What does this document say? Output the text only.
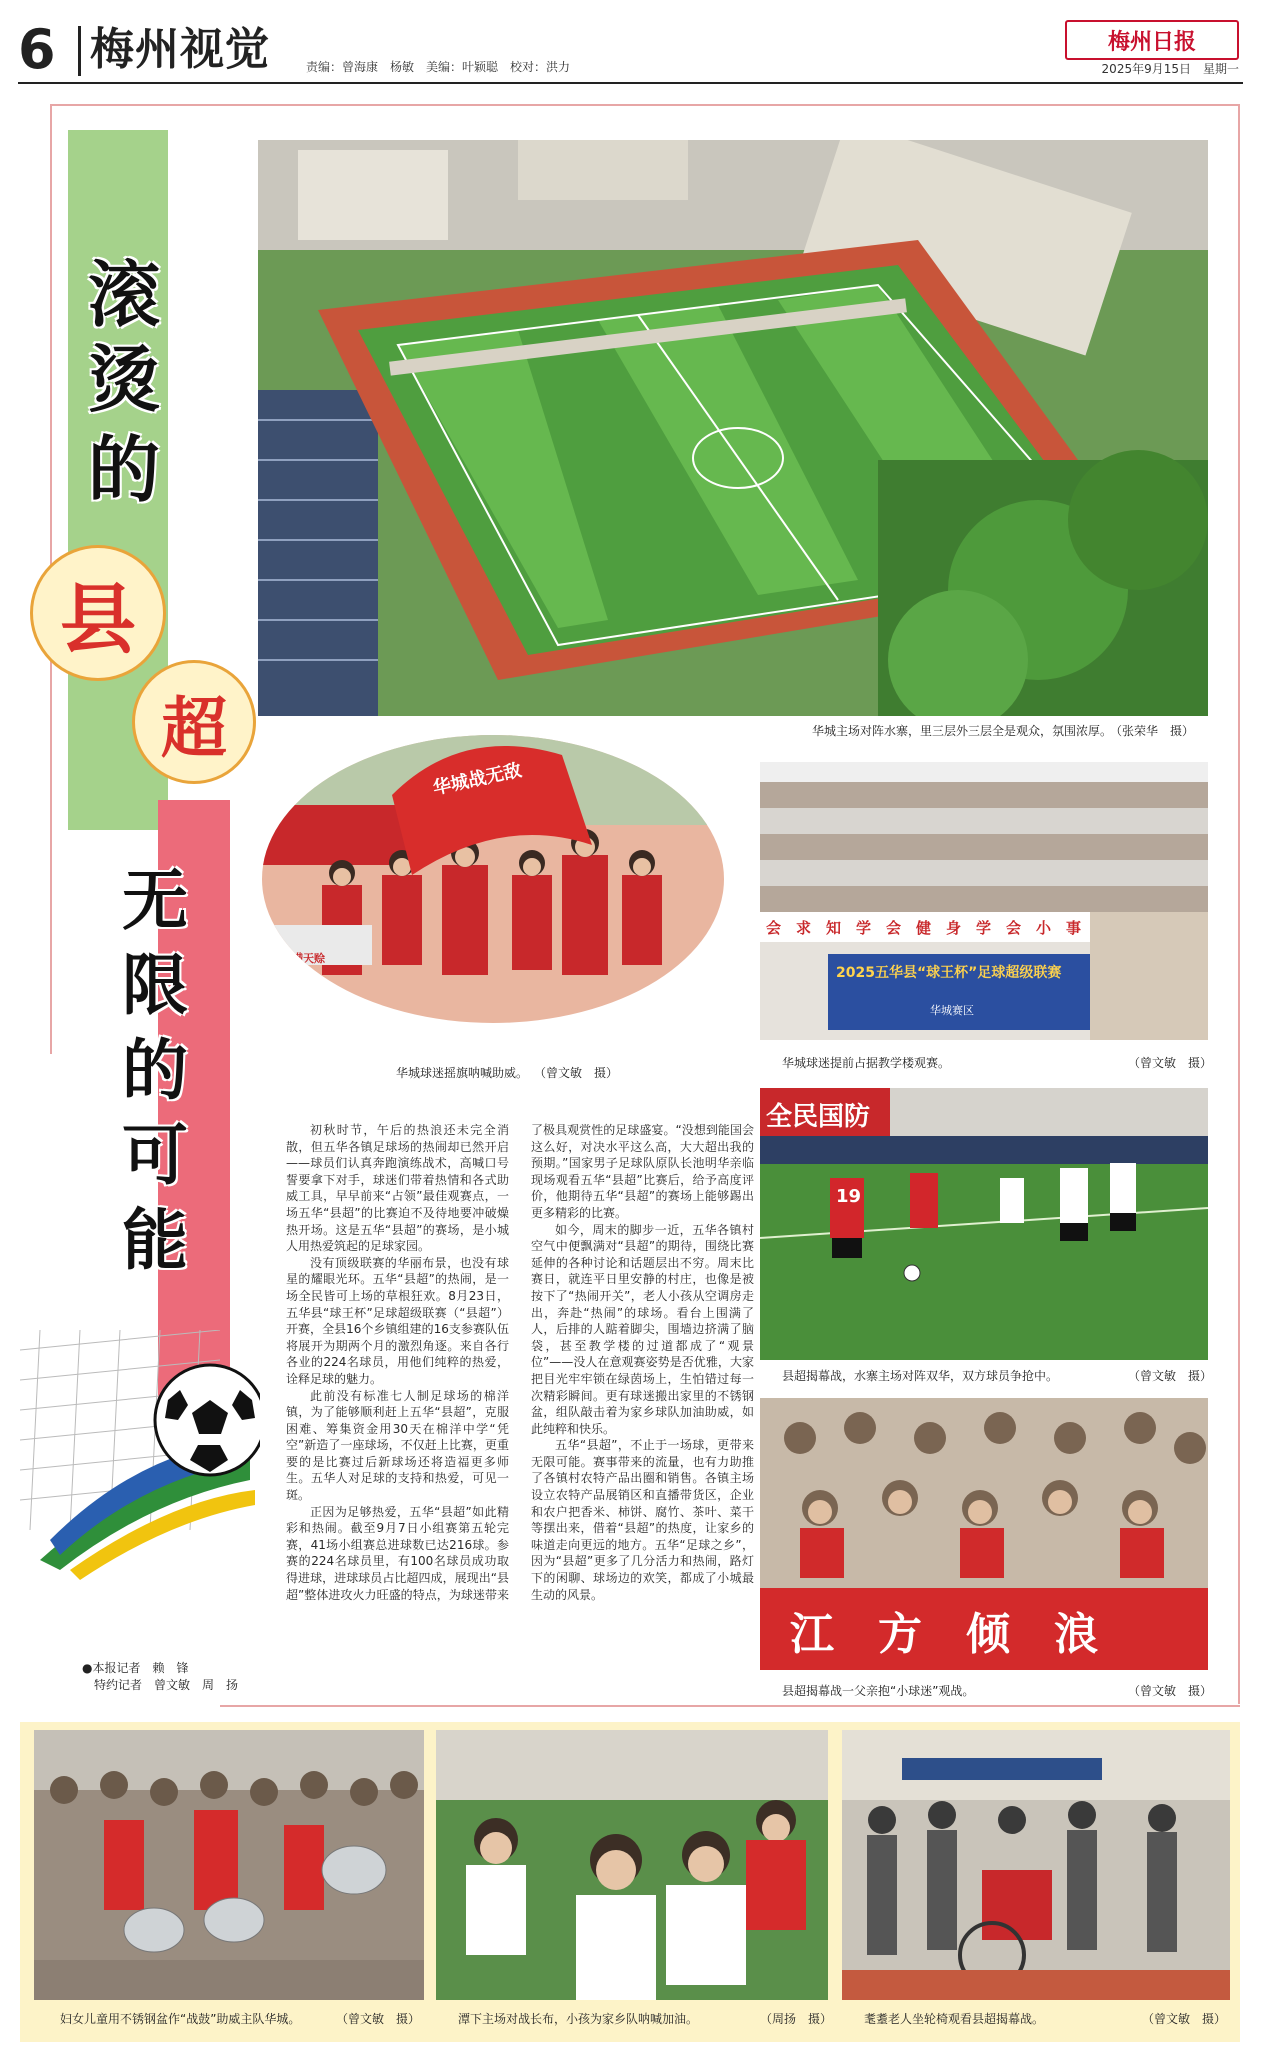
6 梅州视觉	责编：曾海康　杨敏　美编：叶颖聪　校对：洪力
梅州日报
2025年9月15日　星期一
滚
烫
的
县
超
无
限
的
可
能
华城主场对阵水寨，里三层外三层全是观众，氛围浓厚。
（张荣华　摄）
华城战无敌
赤壶满天赊
华城球迷摇旗呐喊助威。 （曾文敏　摄）
会　求　知　学　会　健　身　学　会　小　事
2025五华县“球王杯”足球超级联赛
华城赛区
华城球迷提前占据教学楼观赛。	（曾文敏　摄）
全民国防
19
县超揭幕战，水寨主场对阵双华，双方球员争抢中。	（曾文敏　摄）
江　方　倾　浪
县超揭幕战一父亲抱“小球迷”观战。	（曾文敏　摄）

初秋时节，午后的热浪还未完全消散，但五华各镇足球场的热闹却已然开启——球员们认真奔跑演练战术，高喊口号誓要拿下对手，球迷们带着热情和各式助威工具，早早前来“占领”最佳观赛点，一场五华“县超”的比赛迫不及待地要冲破燥热开场。这是五华“县超”的赛场，是小城人用热爱筑起的足球家园。

没有顶级联赛的华丽布景，也没有球星的耀眼光环。五华“县超”的热闹，是一场全民皆可上场的草根狂欢。8月23日，五华县“球王杯”足球超级联赛（“县超”）开赛，全县16个乡镇组建的16支参赛队伍将展开为期两个月的激烈角逐。来自各行各业的224名球员，用他们纯粹的热爱，诠释足球的魅力。

此前没有标准七人制足球场的棉洋镇，为了能够顺利赶上五华“县超”，克服困难、筹集资金用30天在棉洋中学“凭空”新造了一座球场，不仅赶上比赛，更重要的是比赛过后新球场还将造福更多师生。五华人对足球的支持和热爱，可见一斑。

正因为足够热爱，五华“县超”如此精彩和热闹。截至9月7日小组赛第五轮完赛，41场小组赛总进球数已达216球。参赛的224名球员里，有100名球员成功取得进球，进球球员占比超四成，展现出“县超”整体进攻火力旺盛的特点，为球迷带来了极具观赏性的足球盛宴。“没想到能国会这么好，对决水平这么高，大大超出我的预期。”国家男子足球队原队长池明华亲临现场观看五华“县超”比赛后，给予高度评价，他期待五华“县超”的赛场上能够踢出更多精彩的比赛。

如今，周末的脚步一近，五华各镇村空气中便飘满对“县超”的期待，围绕比赛延伸的各种讨论和话题层出不穷。周末比赛日，就连平日里安静的村庄，也像是被按下了“热闹开关”，老人小孩从空调房走出，奔赴“热闹”的球场。看台上围满了人，后排的人踮着脚尖，围墙边挤满了脑袋，甚至教学楼的过道都成了“观景位”——没人在意观赛姿势是否优雅，大家把目光牢牢锁在绿茵场上，生怕错过每一次精彩瞬间。更有球迷搬出家里的不锈钢盆，组队敲击着为家乡球队加油助威，如此纯粹和快乐。

五华“县超”，不止于一场球，更带来无限可能。赛事带来的流量，也有力助推了各镇村农特产品出圈和销售。各镇主场设立农特产品展销区和直播带货区，企业和农户把香米、柿饼、腐竹、茶叶、菜干等摆出来，借着“县超”的热度，让家乡的味道走向更远的地方。五华“足球之乡”，因为“县超”更多了几分活力和热闹，路灯下的闲聊、球场边的欢笑，都成了小城最生动的风景。

●本报记者　赖　锋
特约记者　曾文敏　周　扬
妇女儿童用不锈钢盆作“战鼓”助威主队华城。	（曾文敏　摄）	潭下主场对战长布，小孩为家乡队呐喊加油。	（周扬　摄）	耄耋老人坐轮椅观看县超揭幕战。	（曾文敏　摄）
